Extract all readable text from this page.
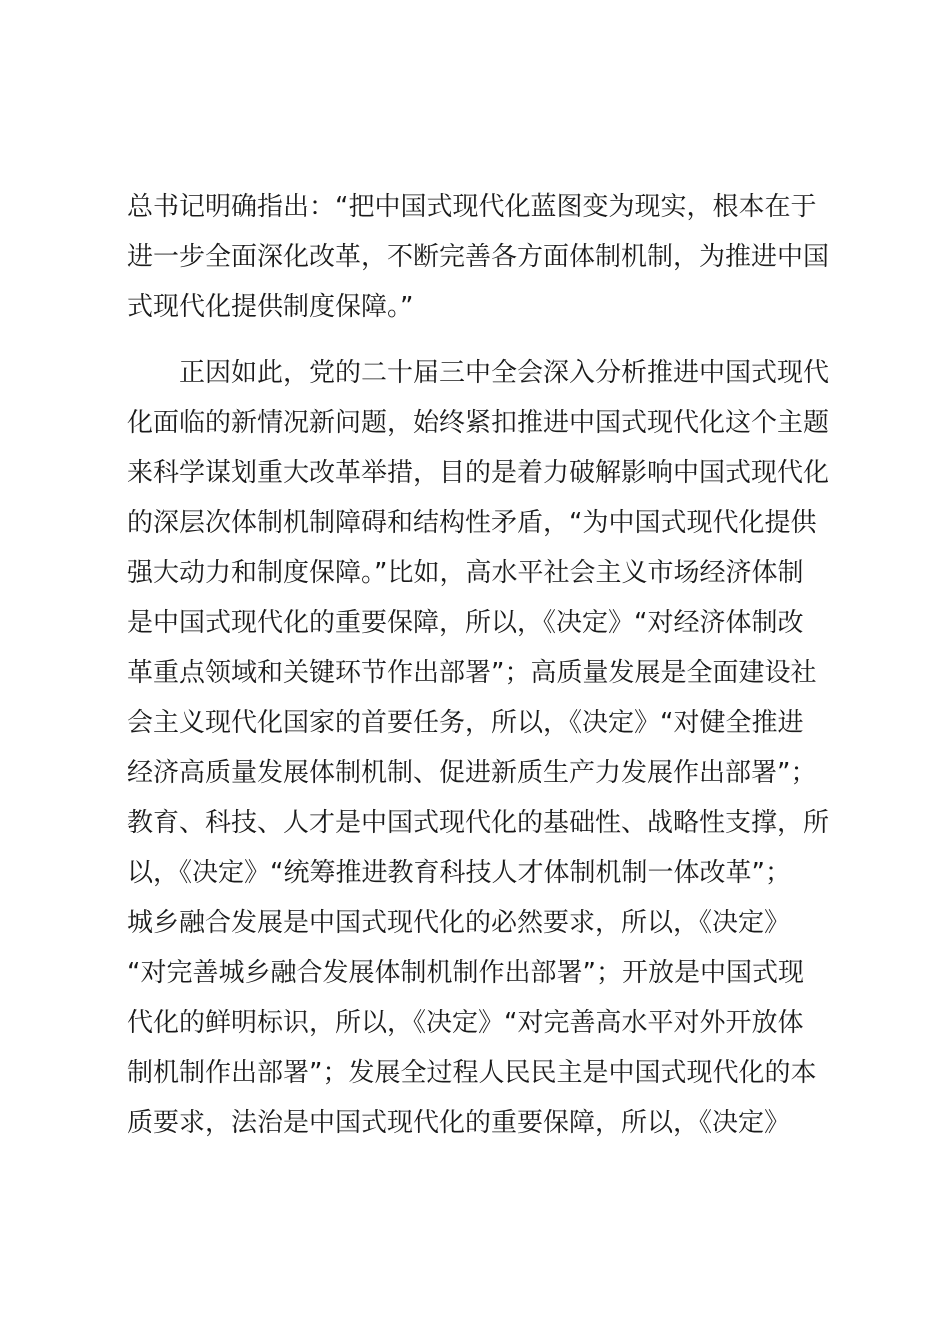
总书记明确指出：“把中国式现代化蓝图变为现实，根本在于
进一步全面深化改革，不断完善各方面体制机制，为推进中国
式现代化提供制度保障。”
正因如此，党的二十届三中全会深入分析推进中国式现代
化面临的新情况新问题，始终紧扣推进中国式现代化这个主题
来科学谋划重大改革举措，目的是着力破解影响中国式现代化
的深层次体制机制障碍和结构性矛盾，“为中国式现代化提供
强大动力和制度保障。”比如，高水平社会主义市场经济体制
是中国式现代化的重要保障，所以，《决定》“对经济体制改
革重点领域和关键环节作出部署”；高质量发展是全面建设社
会主义现代化国家的首要任务，所以，《决定》“对健全推进
经济高质量发展体制机制、促进新质生产力发展作出部署”；
教育、科技、人才是中国式现代化的基础性、战略性支撑，所
以，《决定》“统筹推进教育科技人才体制机制一体改革”；
城乡融合发展是中国式现代化的必然要求，所以，《决定》
“对完善城乡融合发展体制机制作出部署”；开放是中国式现
代化的鲜明标识，所以，《决定》“对完善高水平对外开放体
制机制作出部署”；发展全过程人民民主是中国式现代化的本
质要求，法治是中国式现代化的重要保障，所以，《决定》
